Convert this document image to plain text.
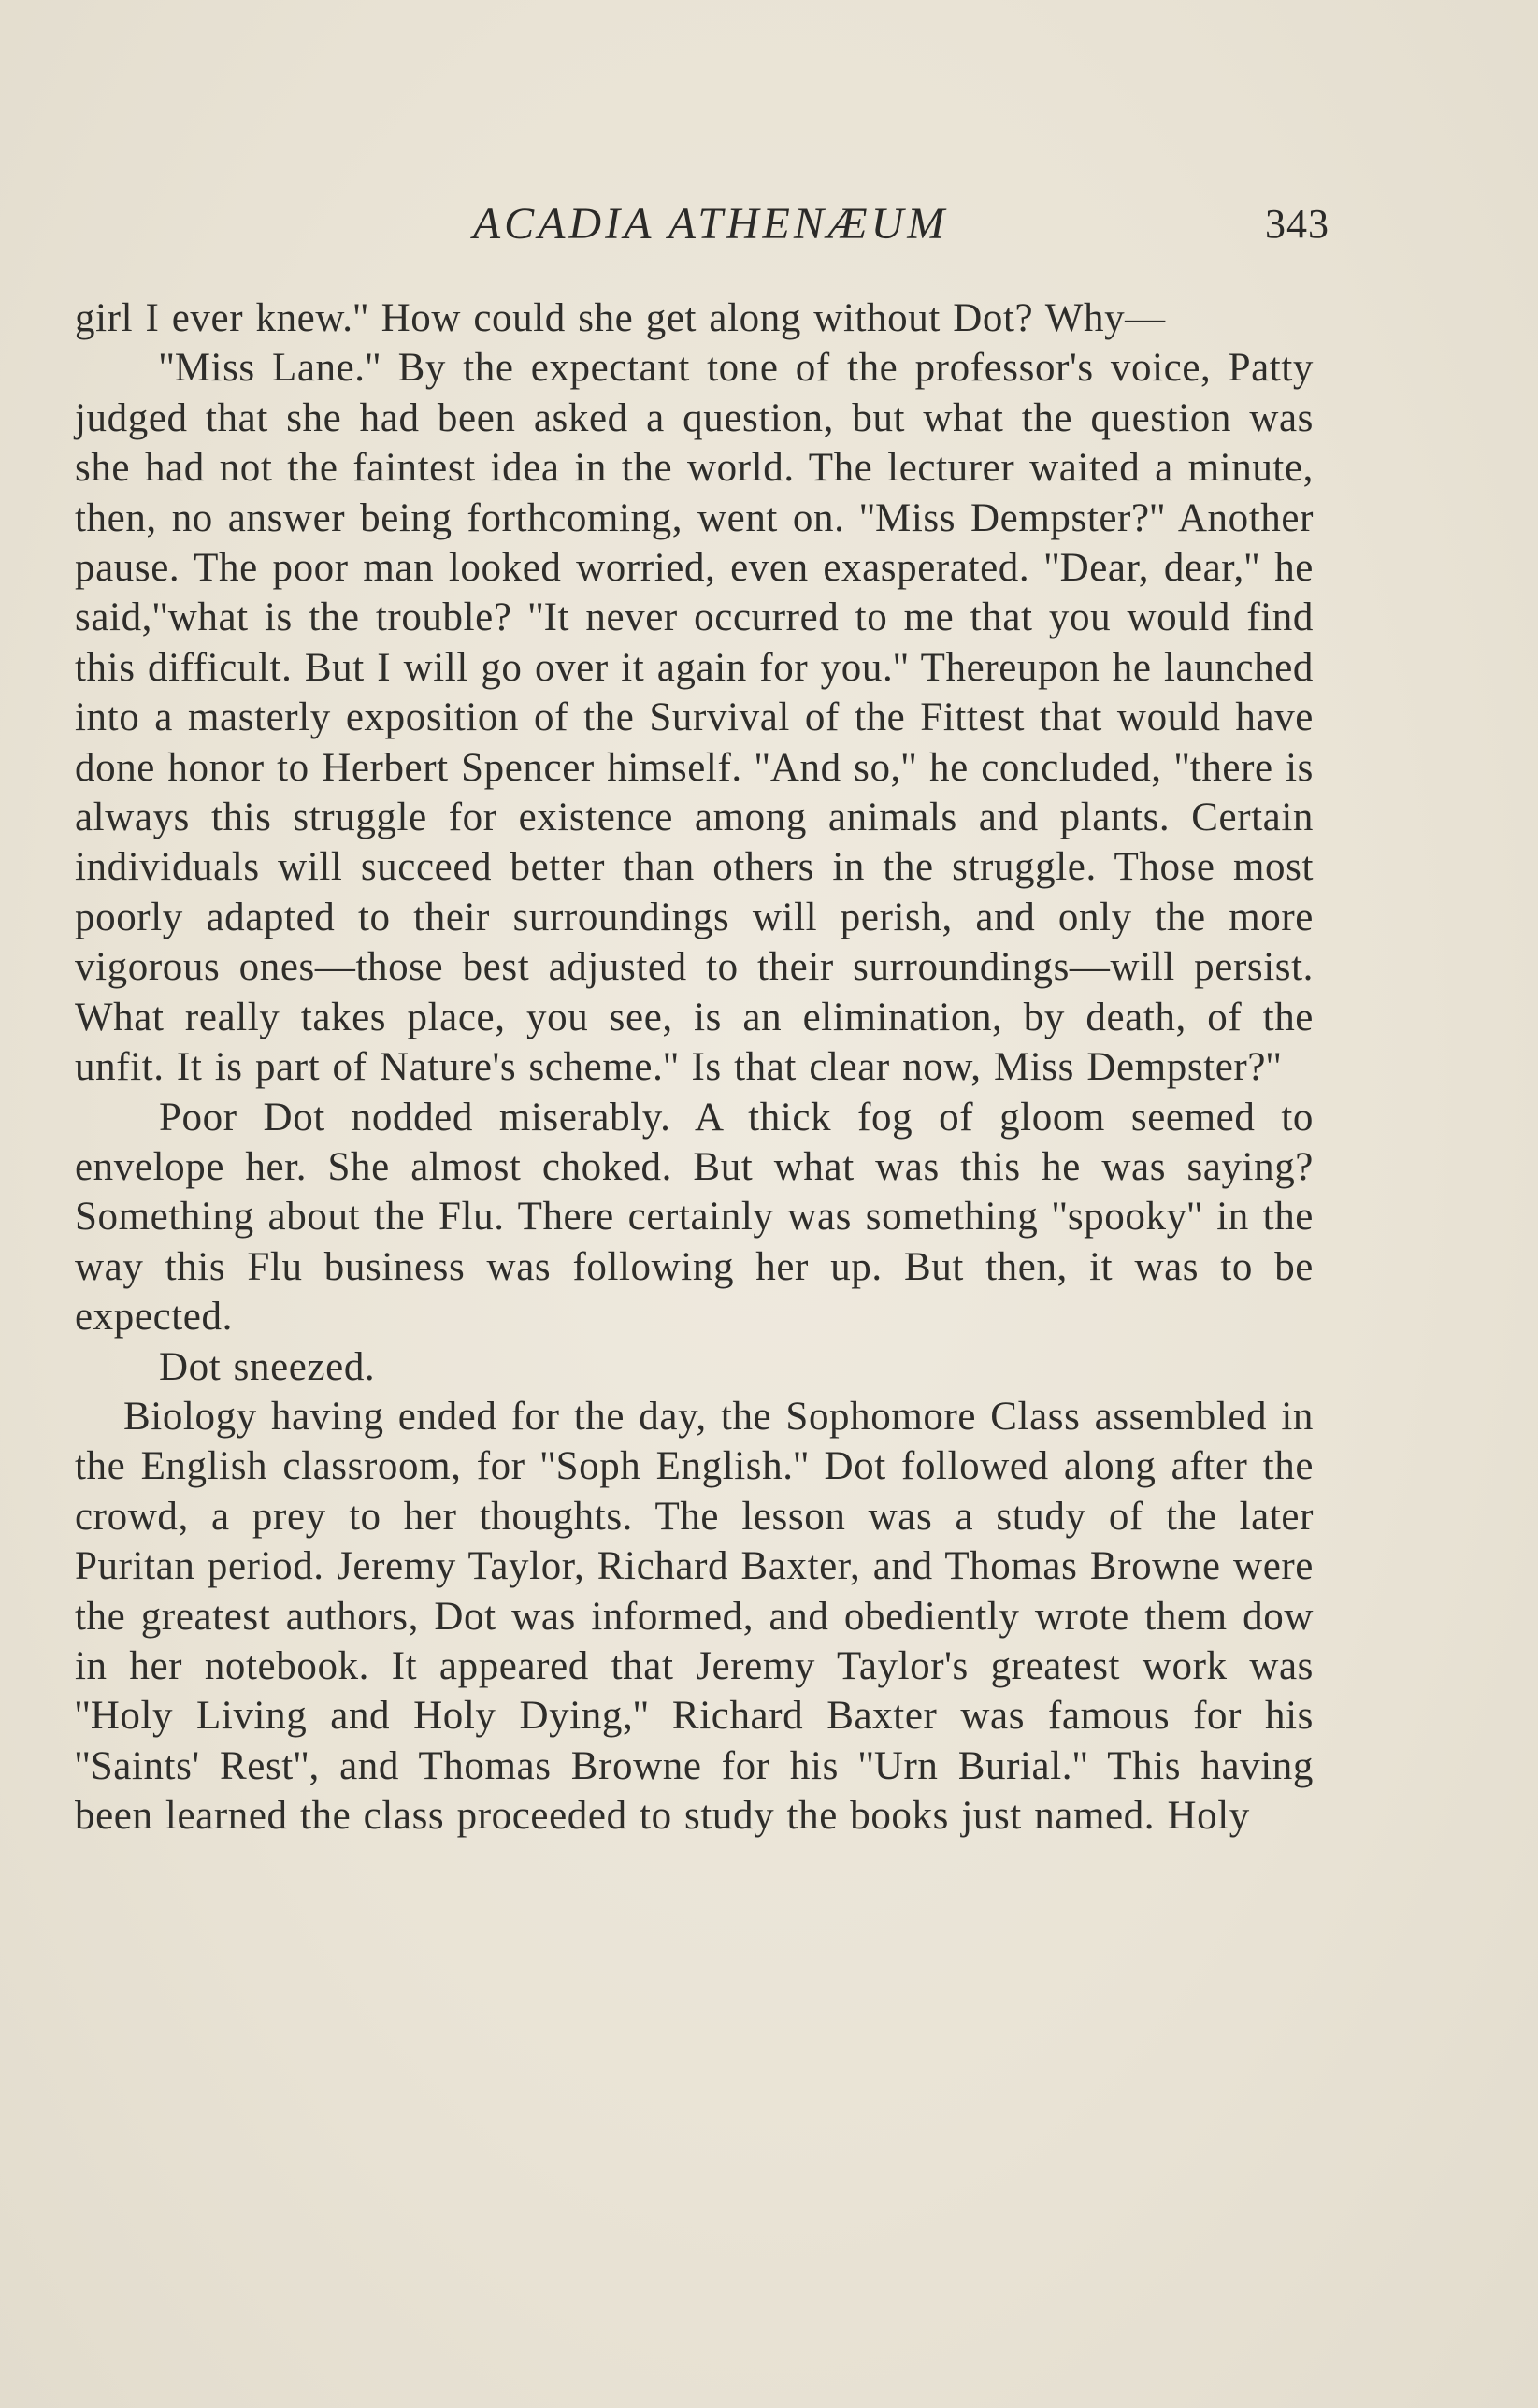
ACADIA ATHENÆUM	343

girl I ever knew.'' How could she get along without Dot? Why—

''Miss Lane.'' By the expectant tone of the professor's voice, Patty judged that she had been asked a question, but what the question was she had not the faintest idea in the world. The lecturer waited a minute, then, no answer being forthcoming, went on. ''Miss Dempster?'' Another pause. The poor man looked worried, even exasperated. ''Dear, dear,'' he said,''what is the trouble? ''It never occurred to me that you would find this difficult. But I will go over it again for you.'' Thereupon he launched into a masterly exposition of the Survival of the Fittest that would have done honor to Herbert Spencer himself. ''And so,'' he concluded, ''there is always this struggle for existence among animals and plants. Certain individuals will succeed better than others in the struggle. Those most poorly adapted to their surroundings will perish, and only the more vigorous ones—those best adjusted to their surroundings—will persist. What really takes place, you see, is an elimination, by death, of the unfit. It is part of Nature's scheme.'' Is that clear now, Miss Dempster?''

Poor Dot nodded miserably. A thick fog of gloom seemed to envelope her. She almost choked. But what was this he was saying? Something about the Flu. There certainly was something ''spooky'' in the way this Flu business was following her up. But then, it was to be expected.

Dot sneezed.

Biology having ended for the day, the Sophomore Class assembled in the English classroom, for ''Soph English.'' Dot followed along after the crowd, a prey to her thoughts. The lesson was a study of the later Puritan period. Jeremy Taylor, Richard Baxter, and Thomas Browne were the greatest authors, Dot was informed, and obediently wrote them dow in her notebook. It appeared that Jeremy Taylor's greatest work was ''Holy Living and Holy Dying,'' Richard Baxter was famous for his ''Saints' Rest'', and Thomas Browne for his ''Urn Burial.'' This having been learned the class proceeded to study the books just named. Holy
